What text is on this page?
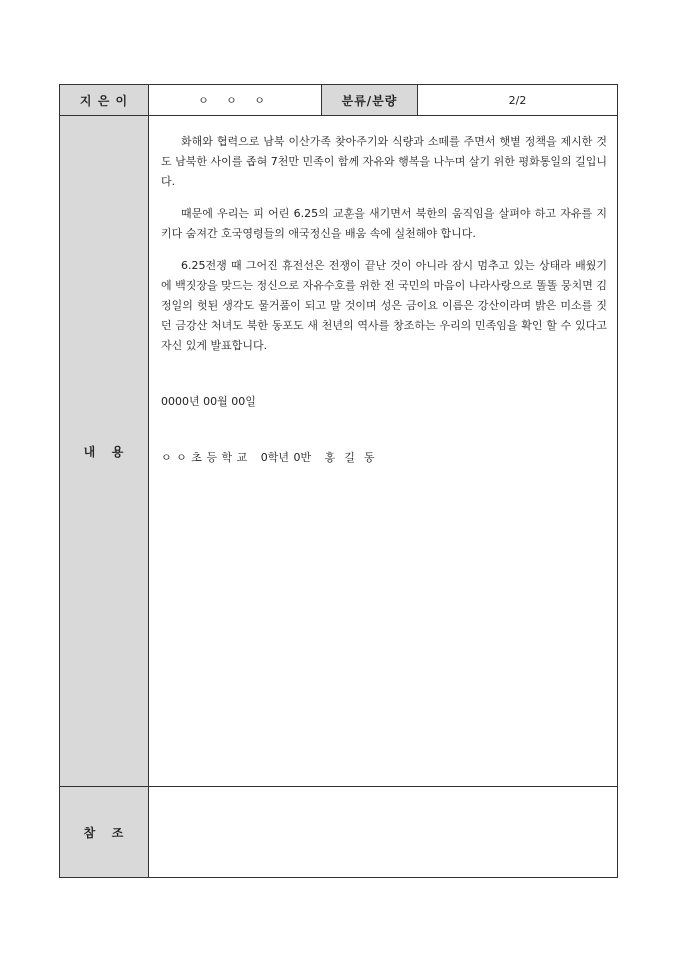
지 은 이	ㅇ ㅇ ㅇ	분류/분량	2/2
내   용	화해와 협력으로 남북 이산가족 찾아주기와 식량과 소떼를 주면서 햇볕 정책을 제시한 것도 남북한 사이를 좁혀 7천만 민족이 함께 자유와 행복을 나누며 살기 위한 평화통일의 길입니다.

때문에 우리는 피 어린 6.25의 교훈을 새기면서 북한의 움직임을 살펴야 하고 자유를 지키다 숨져간 호국영령들의 애국정신을 배움 속에 실천해야 합니다.

6.25전쟁 때 그어진 휴전선은 전쟁이 끝난 것이 아니라 잠시 멈추고 있는 상태라 배웠기에 백짓장을 맞드는 정신으로 자유수호를 위한 전 국민의 마음이 나라사랑으로 똘똘 뭉치면 김정일의 헛된 생각도 물거품이 되고 말 것이며 성은 금이요 이름은 강산이라며 밝은 미소를 짓던 금강산 처녀도 북한 동포도 새 천년의 역사를 창조하는 우리의 민족임을 확인 할 수 있다고 자신 있게 발표합니다.

0000년 00월 00일
ㅇ ㅇ 초 등 학 교   0학년 0반   홍  길  동		

참   조			
